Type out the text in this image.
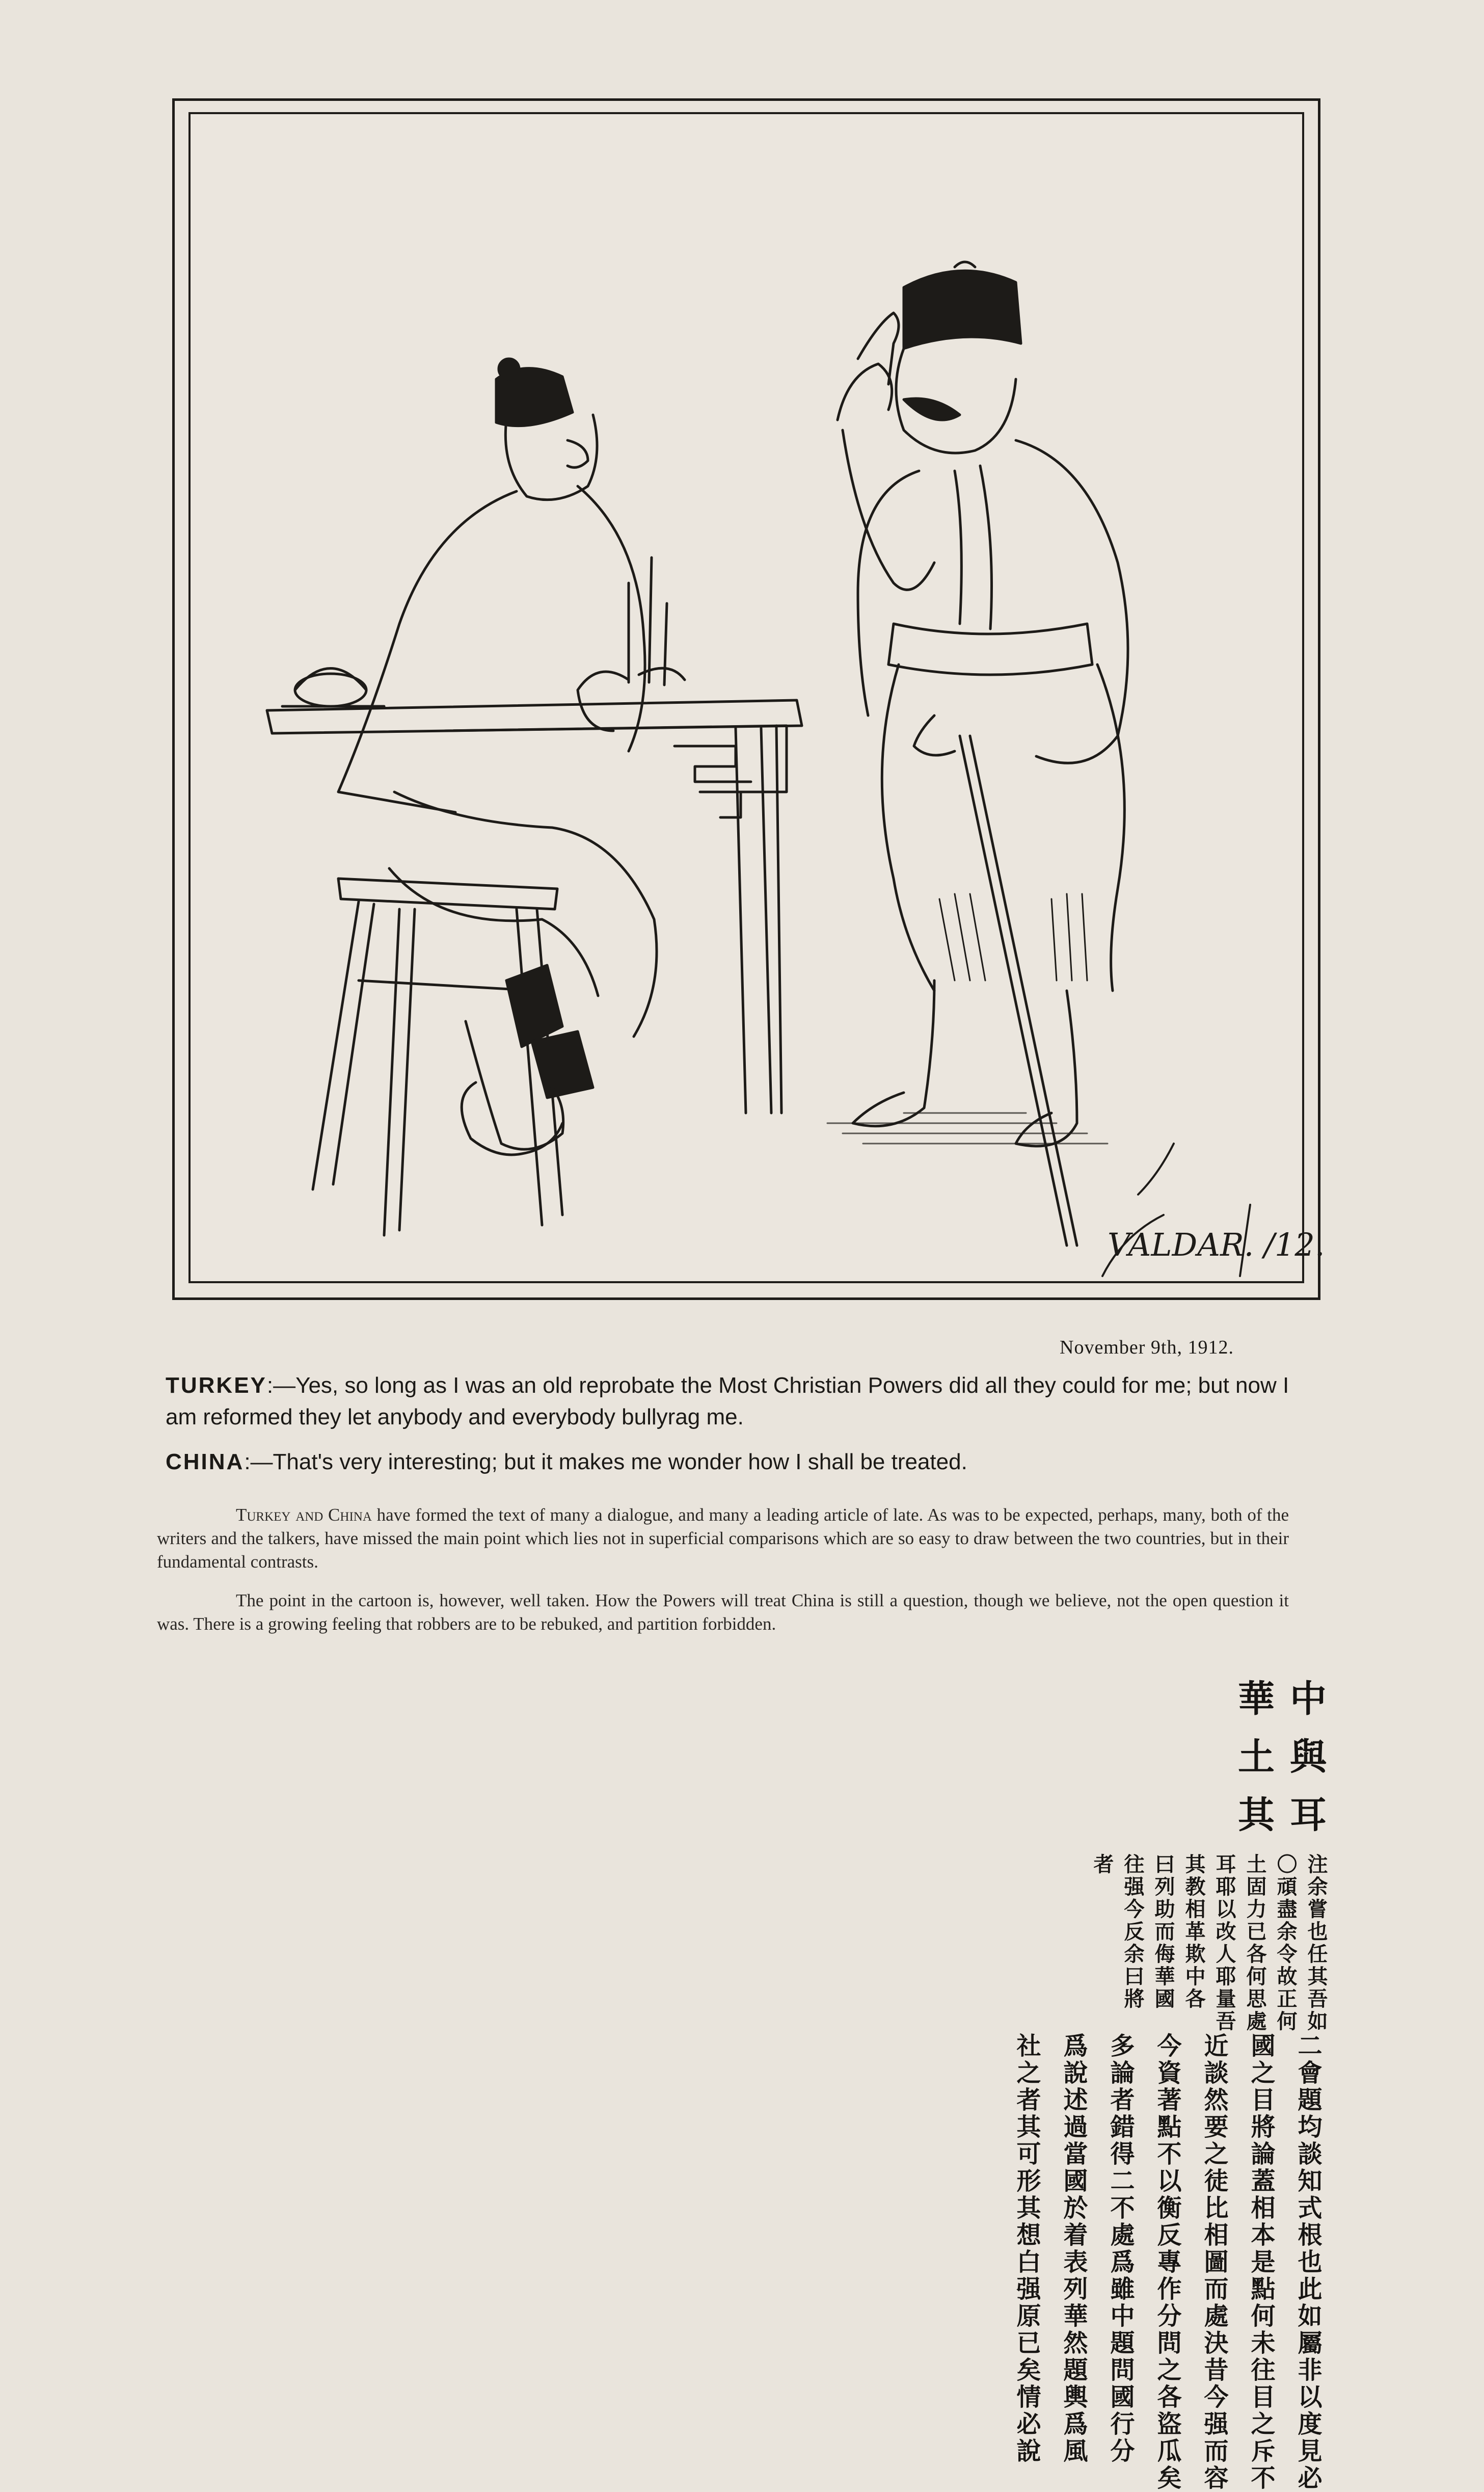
VALDAR. /12.
November 9th, 1912.

TURKEY:—Yes, so long as I was an old reprobate the Most Christian Powers did all they could for me; but now I am reformed they let anybody and everybody bullyrag me.

CHINA:—That's very interesting; but it makes me wonder how I shall be treated.

Turkey and China have formed the text of many a dialogue, and many a leading article of late. As was to be expected, perhaps, many, both of the writers and the talkers, have missed the main point which lies not in superficial comparisons which are so easy to draw between the two countries, but in their fundamental contrasts.

The point in the cartoon is, however, well taken. How the Powers will treat China is still a question, though we believe, not the open question it was. There is a growing feeling that robbers are to be rebuked, and partition forbidden.

中華
與土
耳其
注〇土耳其曰往者
余頑固耶教列强
嘗盡力以相助今
也余已改革而反
任令各人欺侮余
其故何耶中華曰
吾正思量各國將
如何處吾
二國近今多爲社
會之談資論說之
題目然著者述者
均將要點錯過其
談論之不得當可
知蓋徒以二國形
式相比衡不於其
根本相反處着想
也是圖專爲表白
此點而作雖列强
如何處分中華原
屬未決問題然已
非往昔之問題矣
以目今各國輿情
度之强盜行爲必
見斥而瓜分風說
必不容矣
